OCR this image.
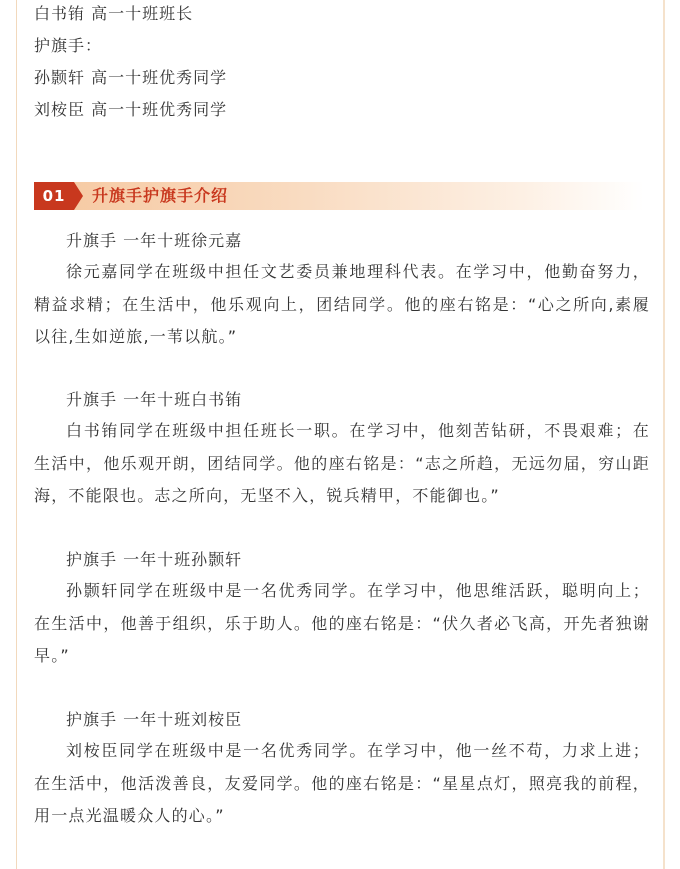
白书铕 高一十班班长
护旗手：
孙颢轩 高一十班优秀同学
刘桉臣 高一十班优秀同学
01	升旗手护旗手介绍
升旗手 一年十班徐元嘉
徐元嘉同学在班级中担任文艺委员兼地理科代表。在学习中，他勤奋努力，精益求精；在生活中，他乐观向上，团结同学。他的座右铭是：“心之所向,素履以往,生如逆旅,一苇以航。”
升旗手 一年十班白书铕
白书铕同学在班级中担任班长一职。在学习中，他刻苦钻研，不畏艰难；在生活中，他乐观开朗，团结同学。他的座右铭是：“志之所趋，无远勿届，穷山距海，不能限也。志之所向，无坚不入，锐兵精甲，不能御也。”
护旗手 一年十班孙颢轩
孙颢轩同学在班级中是一名优秀同学。在学习中，他思维活跃，聪明向上；在生活中，他善于组织，乐于助人。他的座右铭是：“伏久者必飞高，开先者独谢早。”
护旗手 一年十班刘桉臣
刘桉臣同学在班级中是一名优秀同学。在学习中，他一丝不苟，力求上进；在生活中，他活泼善良，友爱同学。他的座右铭是：“星星点灯，照亮我的前程，用一点光温暖众人的心。”
